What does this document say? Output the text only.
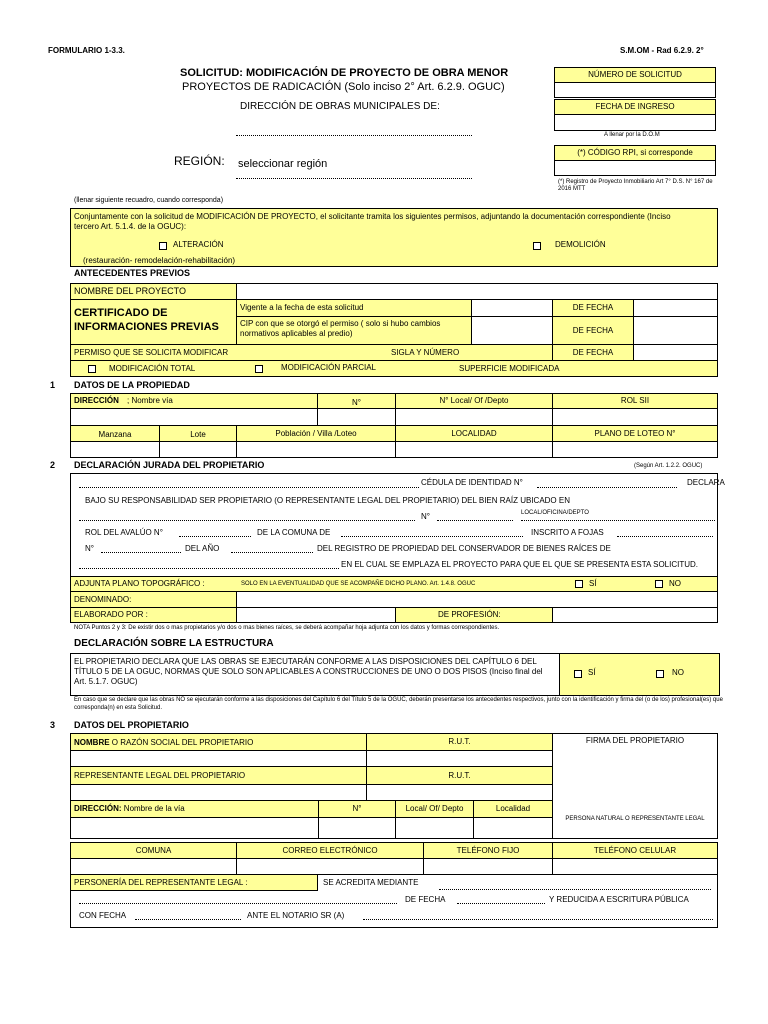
FORMULARIO 1-3.3.	S.M.OM - Rad 6.2.9. 2°
SOLICITUD: MODIFICACIÓN DE PROYECTO DE OBRA MENOR
PROYECTOS DE RADICACIÓN (Solo inciso 2° Art. 6.2.9. OGUC)
DIRECCIÓN DE OBRAS MUNICIPALES DE:
REGIÓN: seleccionar región
NÚMERO DE SOLICITUD
FECHA DE INGRESO
A llenar por la D.O.M
(*) CÓDIGO RPI, si corresponde
(*) Registro de Proyecto Inmobiliario Art 7° D.S. N° 167 de 2016 MTT
(llenar siguiente recuadro, cuando corresponda)
Conjuntamente con la solicitud de MODIFICACIÓN DE PROYECTO, el solicitante tramita los siguientes permisos, adjuntando la documentación correspondiente (Inciso tercero Art. 5.1.4. de la OGUC):
ALTERACIÓN	DEMOLICIÓN
(restauración- remodelación-rehabilitación)
ANTECEDENTES PREVIOS
NOMBRE DEL PROYECTO
CERTIFICADO DE INFORMACIONES PREVIAS
Vigente a la fecha de esta solicitud	DE FECHA
CIP con que se otorgó el permiso ( solo si hubo cambios normativos aplicables al predio)	DE FECHA
PERMISO QUE SE SOLICITA MODIFICAR	SIGLA Y NÚMERO	DE FECHA
MODIFICACIÓN TOTAL	MODIFICACIÓN PARCIAL	SUPERFICIE MODIFICADA
1 DATOS DE LA PROPIEDAD
DIRECCIÓN ; Nombre vía	N°	N° Local/ Of /Depto	ROL SII
Manzana	Lote	Población / Villa /Loteo	LOCALIDAD	PLANO DE LOTEO N°
2 DECLARACIÓN JURADA DEL PROPIETARIO	(Según Art. 1.2.2. OGUC)
CÉDULA DE IDENTIDAD N°	DECLARA
BAJO SU RESPONSABILIDAD SER PROPIETARIO (O REPRESENTANTE LEGAL DEL PROPIETARIO) DEL BIEN RAÍZ UBICADO EN
N°	LOCAL/OFICINA/DEPTO
ROL DEL AVALÚO N°	DE LA COMUNA DE	INSCRITO A FOJAS
N°	DEL AÑO	DEL REGISTRO DE PROPIEDAD DEL CONSERVADOR DE BIENES RAÍCES DE
EN EL CUAL SE EMPLAZA EL PROYECTO PARA QUE EL QUE SE PRESENTA ESTA SOLICITUD.
ADJUNTA PLANO TOPOGRÁFICO :	SOLO EN LA EVENTUALIDAD QUE SE ACOMPAÑE DICHO PLANO. Art. 1.4.8. OGUC	SÍ	NO
DENOMINADO:
ELABORADO POR :	DE PROFESIÓN:
NOTA Puntos 2 y 3: De existir dos o mas propietarios y/o dos o mas bienes raíces, se deberá acompañar hoja adjunta con los datos y formas correspondientes.
DECLARACIÓN SOBRE LA ESTRUCTURA
EL PROPIETARIO DECLARA QUE LAS OBRAS SE EJECUTARÁN CONFORME A LAS DISPOSICIONES DEL CAPÍTULO 6 DEL TÍTULO 5 DE LA OGUC, NORMAS QUE SOLO SON APLICABLES A CONSTRUCCIONES DE UNO O DOS PISOS (Inciso final del Art. 5.1.7. OGUC)
SÍ	NO
En caso que se declare que las obras NO se ejecutarán conforme a las disposiciones del Capítulo 6 del Título 5 de la OGUC, deberán presentarse los antecedentes respectivos, junto con la identificación y firma del (o de los) profesional(es) que corresponda(n) en esta Solicitud.
3 DATOS DEL PROPIETARIO
NOMBRE O RAZÓN SOCIAL DEL PROPIETARIO	R.U.T.	FIRMA DEL PROPIETARIO
PERSONA NATURAL O REPRESENTANTE LEGAL
REPRESENTANTE LEGAL DEL PROPIETARIO	R.U.T.
DIRECCIÓN: Nombre de la vía	N°	Local/ Of/ Depto	Localidad
COMUNA	CORREO ELECTRÓNICO	TELÉFONO FIJO	TELÉFONO CELULAR
PERSONERÍA DEL REPRESENTANTE LEGAL :	SE ACREDITA MEDIANTE
DE FECHA	Y REDUCIDA A ESCRITURA PÚBLICA
CON FECHA	ANTE EL NOTARIO SR (A)
